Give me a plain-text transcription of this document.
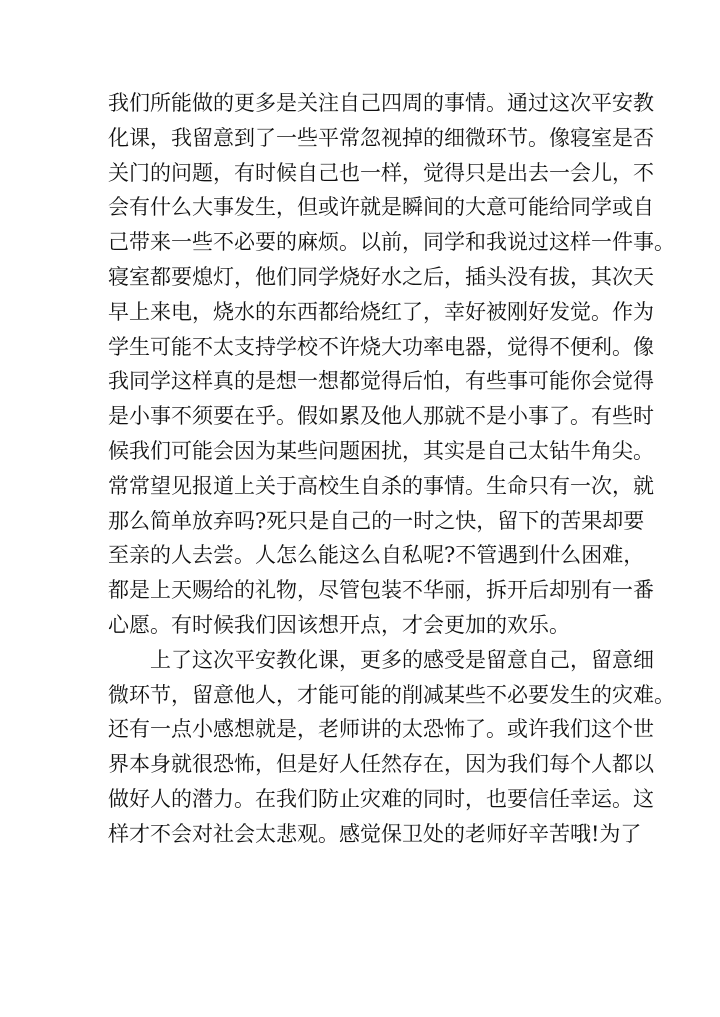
我们所能做的更多是关注自己四周的事情。通过这次平安教
化课，我留意到了一些平常忽视掉的细微环节。像寝室是否
关门的问题，有时候自己也一样，觉得只是出去一会儿，不
会有什么大事发生，但或许就是瞬间的大意可能给同学或自
己带来一些不必要的麻烦。以前，同学和我说过这样一件事。
寝室都要熄灯，他们同学烧好水之后，插头没有拔，其次天
早上来电，烧水的东西都给烧红了，幸好被刚好发觉。作为
学生可能不太支持学校不许烧大功率电器，觉得不便利。像
我同学这样真的是想一想都觉得后怕，有些事可能你会觉得
是小事不须要在乎。假如累及他人那就不是小事了。有些时
候我们可能会因为某些问题困扰，其实是自己太钻牛角尖。
常常望见报道上关于高校生自杀的事情。生命只有一次，就
那么简单放弃吗?死只是自己的一时之快，留下的苦果却要
至亲的人去尝。人怎么能这么自私呢?不管遇到什么困难，
都是上天赐给的礼物，尽管包装不华丽，拆开后却别有一番
心愿。有时候我们因该想开点，才会更加的欢乐。
上了这次平安教化课，更多的感受是留意自己，留意细
微环节，留意他人，才能可能的削减某些不必要发生的灾难。
还有一点小感想就是，老师讲的太恐怖了。或许我们这个世
界本身就很恐怖，但是好人任然存在，因为我们每个人都以
做好人的潜力。在我们防止灾难的同时，也要信任幸运。这
样才不会对社会太悲观。感觉保卫处的老师好辛苦哦!为了
